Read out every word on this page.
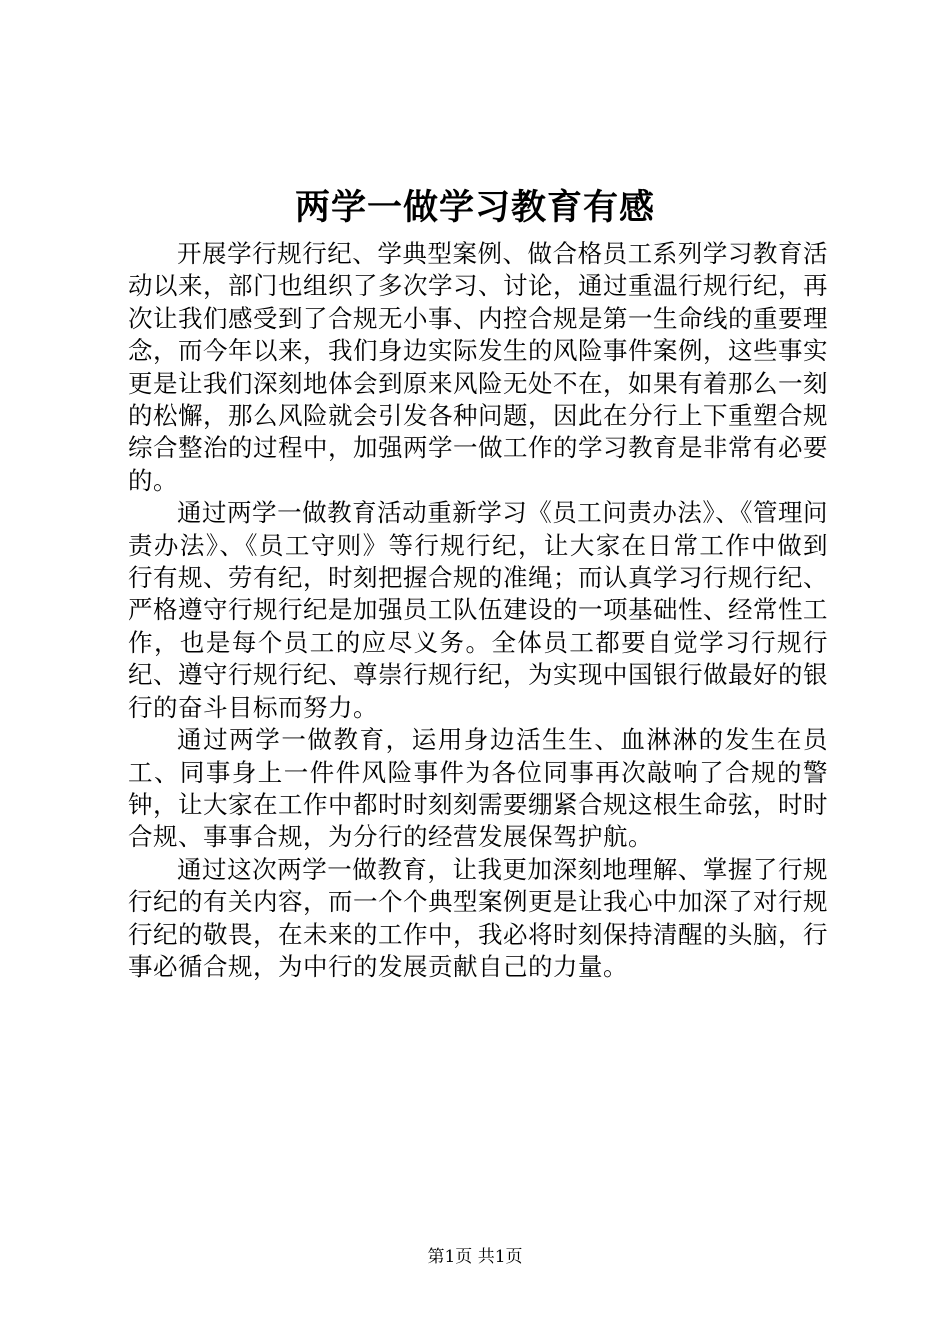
两学一做学习教育有感

开展学行规行纪、学典型案例、做合格员工系列学习教育活动以来，部门也组织了多次学习、讨论，通过重温行规行纪，再次让我们感受到了合规无小事、内控合规是第一生命线的重要理念，而今年以来，我们身边实际发生的风险事件案例，这些事实更是让我们深刻地体会到原来风险无处不在，如果有着那么一刻的松懈，那么风险就会引发各种问题，因此在分行上下重塑合规综合整治的过程中，加强两学一做工作的学习教育是非常有必要的。

通过两学一做教育活动重新学习《员工问责办法》、《管理问责办法》、《员工守则》等行规行纪，让大家在日常工作中做到行有规、劳有纪，时刻把握合规的准绳；而认真学习行规行纪、严格遵守行规行纪是加强员工队伍建设的一项基础性、经常性工作，也是每个员工的应尽义务。全体员工都要自觉学习行规行纪、遵守行规行纪、尊崇行规行纪，为实现中国银行做最好的银行的奋斗目标而努力。

通过两学一做教育，运用身边活生生、血淋淋的发生在员工、同事身上一件件风险事件为各位同事再次敲响了合规的警钟，让大家在工作中都时时刻刻需要绷紧合规这根生命弦，时时合规、事事合规，为分行的经营发展保驾护航。

通过这次两学一做教育，让我更加深刻地理解、掌握了行规行纪的有关内容，而一个个典型案例更是让我心中加深了对行规行纪的敬畏，在未来的工作中，我必将时刻保持清醒的头脑，行事必循合规，为中行的发展贡献自己的力量。

第1页 共1页
